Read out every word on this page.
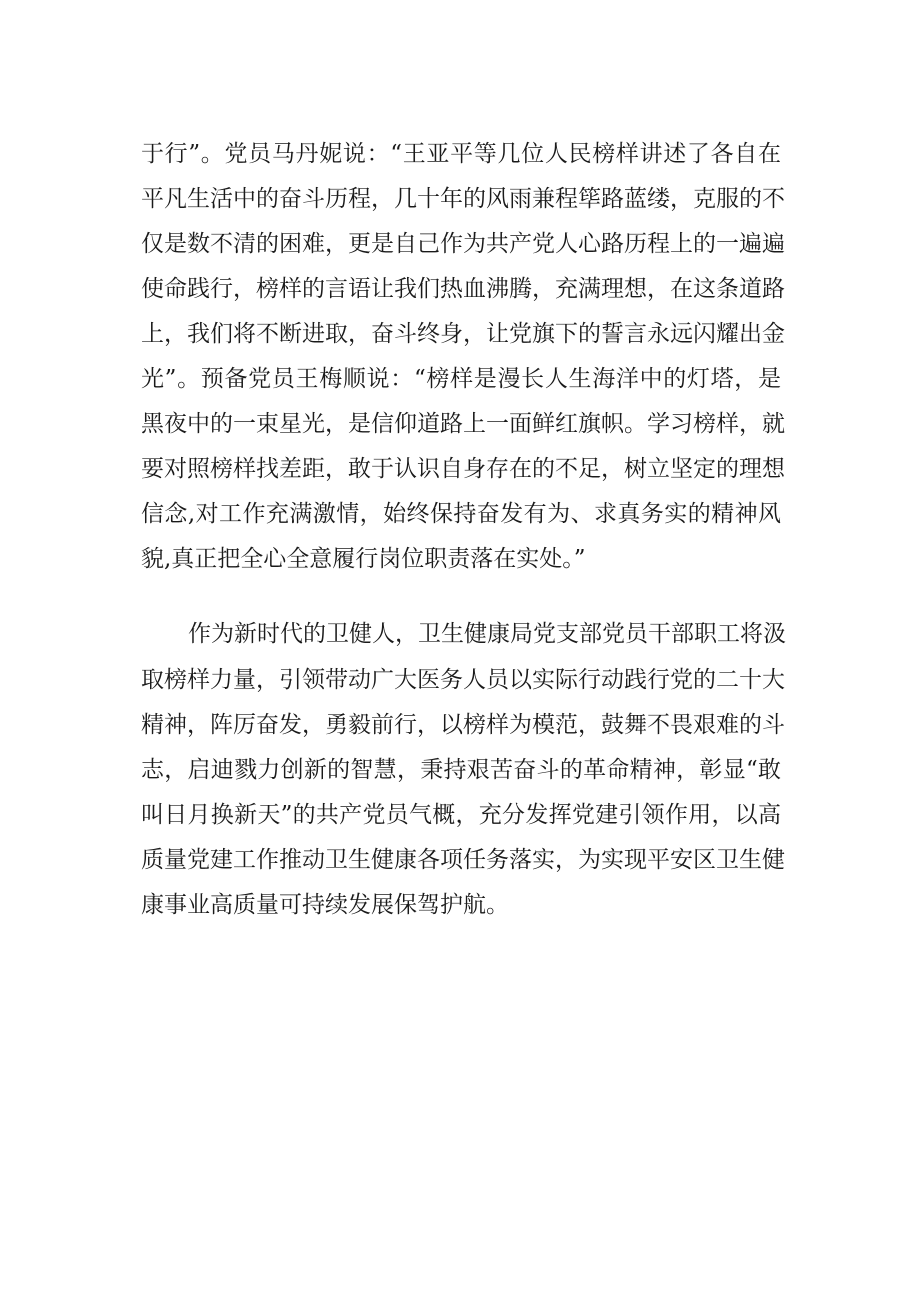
于行”。党员马丹妮说：“王亚平等几位人民榜样讲述了各自在
平凡生活中的奋斗历程，几十年的风雨兼程筚路蓝缕，克服的不
仅是数不清的困难，更是自己作为共产党人心路历程上的一遍遍
使命践行，榜样的言语让我们热血沸腾，充满理想，在这条道路
上，我们将不断进取，奋斗终身，让党旗下的誓言永远闪耀出金
光”。预备党员王梅顺说：“榜样是漫长人生海洋中的灯塔，是
黑夜中的一束星光，是信仰道路上一面鲜红旗帜。学习榜样，就
要对照榜样找差距，敢于认识自身存在的不足，树立坚定的理想
信念,对工作充满激情，始终保持奋发有为、求真务实的精神风
貌,真正把全心全意履行岗位职责落在实处。”
作为新时代的卫健人，卫生健康局党支部党员干部职工将汲
取榜样力量，引领带动广大医务人员以实际行动践行党的二十大
精神，阵厉奋发，勇毅前行，以榜样为模范，鼓舞不畏艰难的斗
志，启迪戮力创新的智慧，秉持艰苦奋斗的革命精神，彰显“敢
叫日月换新天”的共产党员气概，充分发挥党建引领作用，以高
质量党建工作推动卫生健康各项任务落实，为实现平安区卫生健
康事业高质量可持续发展保驾护航。
